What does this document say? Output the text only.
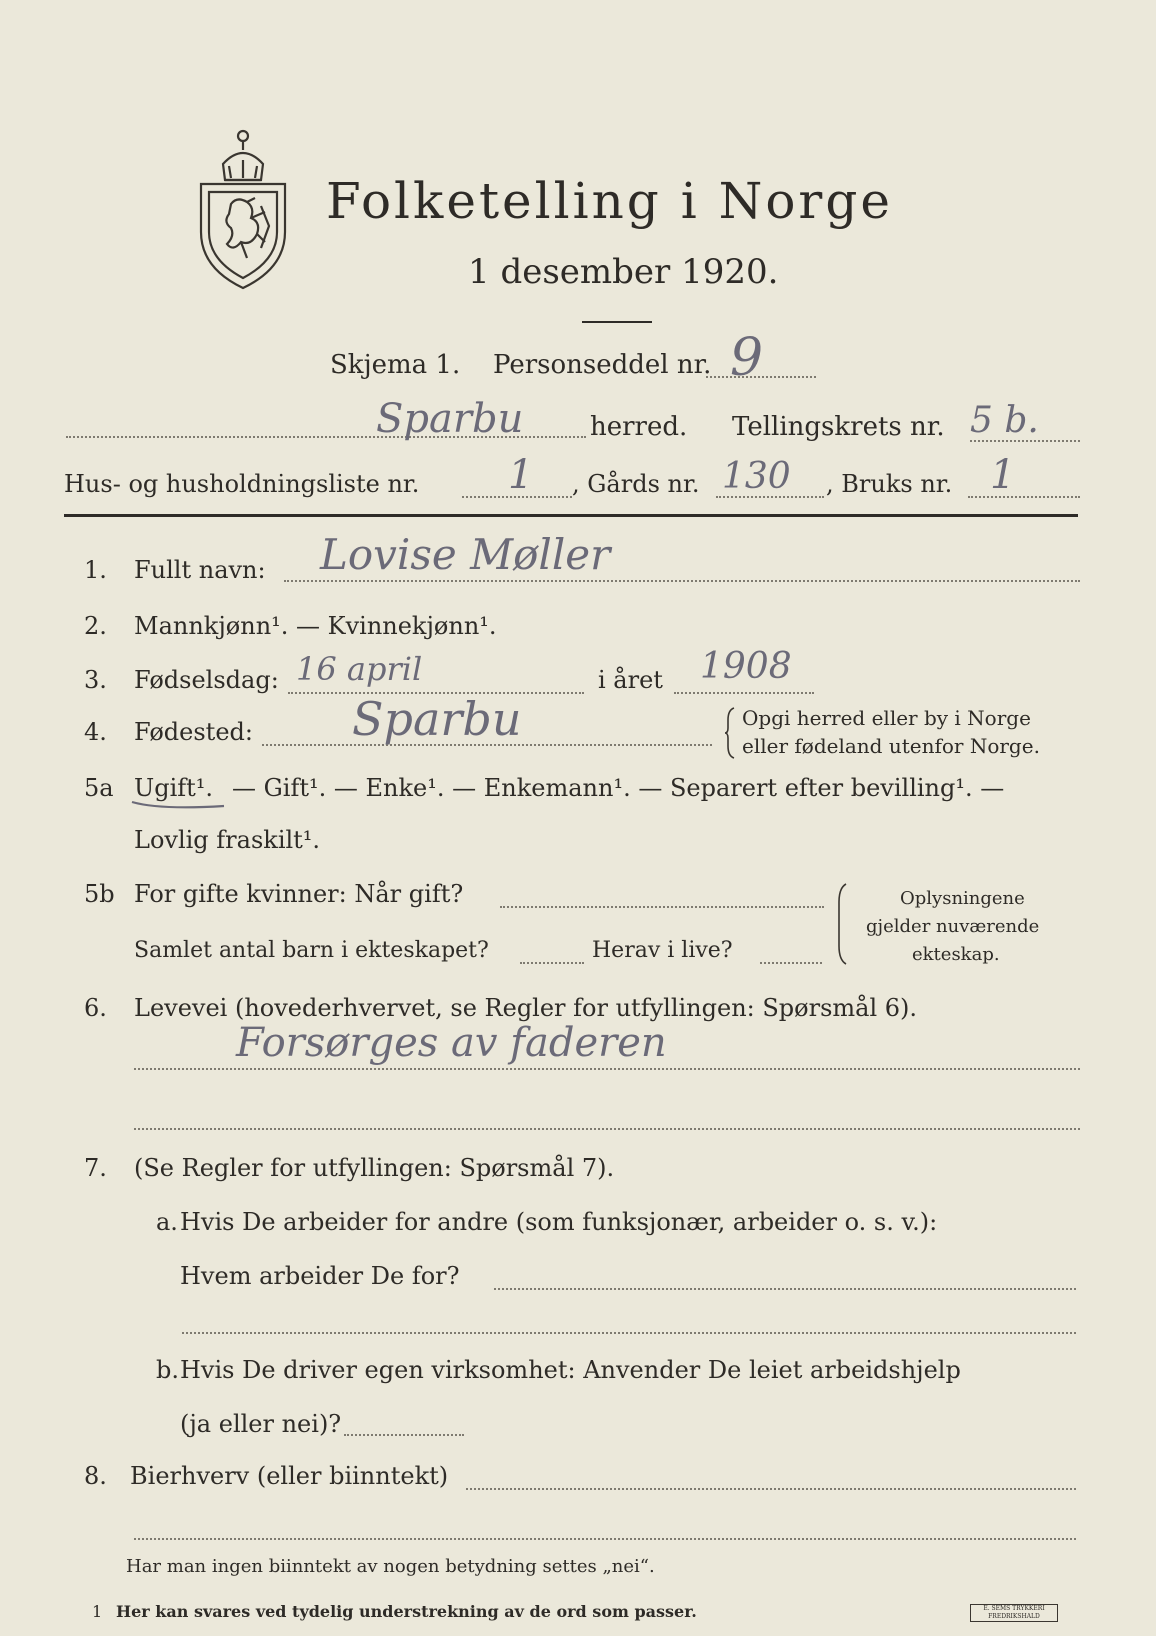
Folketelling i Norge
1 desember 1920.
Skjema 1. Personseddel nr. 9
Sparbu	herred. Tellingskrets nr. 5 b.
Hus- og husholdningsliste nr. 1 , Gårds nr. 130 , Bruks nr. 1
1. Fullt navn: Lovise Møller
2. Mannkjønn¹. — Kvinnekjønn¹.
3. Fødselsdag: 16 april	i året 1908
4. Fødested: Sparbu	Opgi herred eller by i Norge
eller fødeland utenfor Norge.
5a Ugift¹. — Gift¹. — Enke¹. — Enkemann¹. — Separert efter bevilling¹. —
Lovlig fraskilt¹.
5b For gifte kvinner: Når gift?
Samlet antal barn i ekteskapet?	Herav i live?
Oplysningene
gjelder nuværende
ekteskap.
6. Levevei (hovederhvervet, se Regler for utfyllingen: Spørsmål 6).
Forsørges av faderen
7. (Se Regler for utfyllingen: Spørsmål 7).
a. Hvis De arbeider for andre (som funksjonær, arbeider o. s. v.):
Hvem arbeider De for?
b. Hvis De driver egen virksomhet: Anvender De leiet arbeidshjelp
(ja eller nei)?
8. Bierhverv (eller biinntekt)
Har man ingen biinntekt av nogen betydning settes „nei“.
1 Her kan svares ved tydelig understrekning av de ord som passer.	E. SEMS TRYKKERI FREDRIKSHALD
